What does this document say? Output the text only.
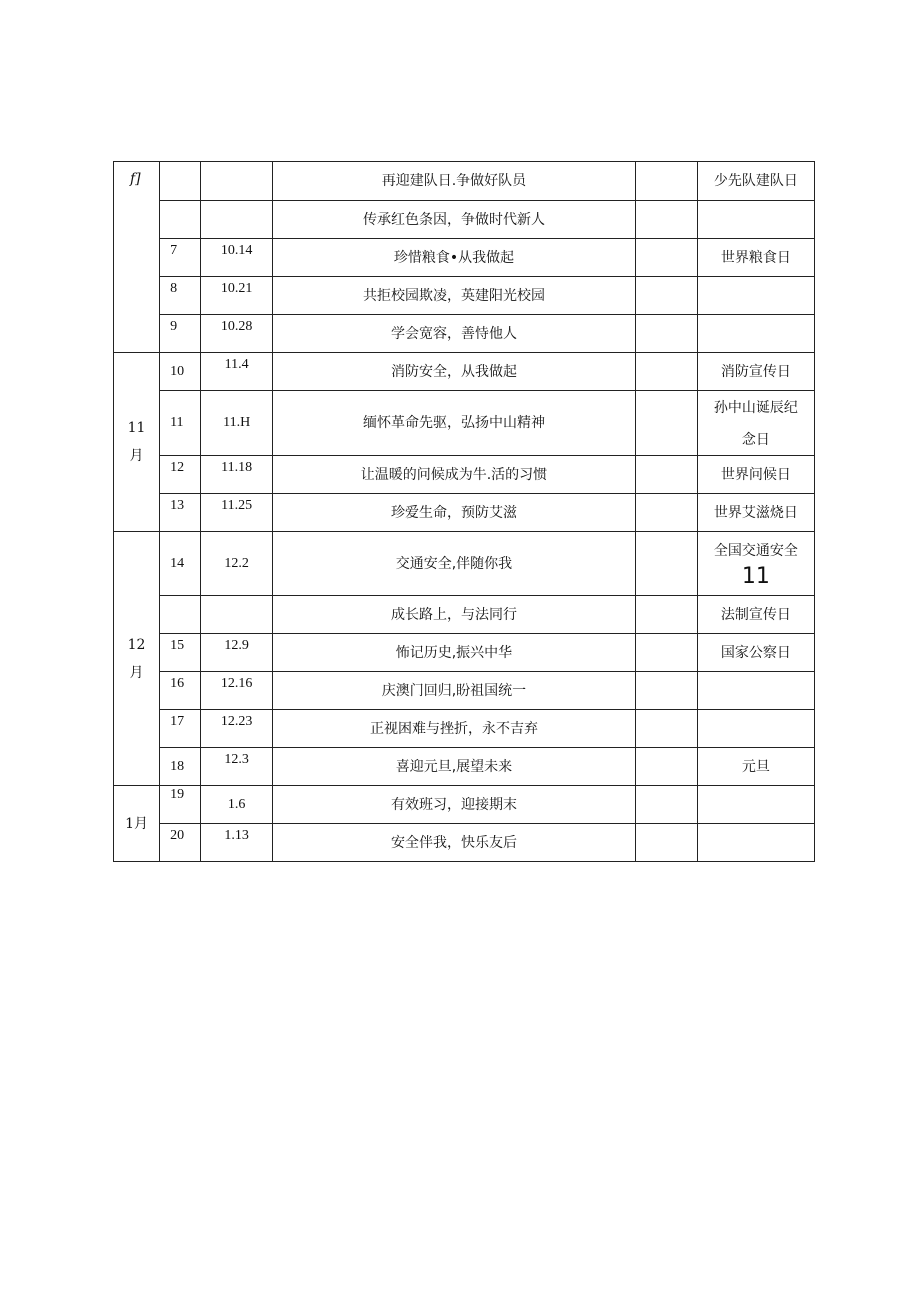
f]			再迎建队日.争做好队员		少先队建队日
			传承红色条因，争做时代新人		
	7	10.14	珍惜粮食•从我做起		世界粮食日
	8	10.21	共拒校园欺凌，英建阳光校园		
	9	10.28	学会宽容，善恃他人		

11
月	10	11.4	消防安全，从我做起		消防宣传日
	11	11.H	缅怀革命先驱，弘扬中山精神		孙中山诞辰纪
念日

	12	11.18	让温暖的问候成为牛.活的习惯		世界问候日
	13	11.25	珍爱生命，预防艾滋		世界艾滋烧日

12
月	14	12.2	交通安全,伴随你我		全国交通安全
11

			成长路上，与法同行		法制宣传日
	15	12.9	怖记历史,振兴中华		国家公察日
	16	12.16	庆澳门回归,盼祖国统一		
	17	12.23	正视困难与挫折，永不吉弃		
	18	12.3	喜迎元旦,展望未来		元旦
1月	19	1.6	有效班习，迎接期末		
	20	1.13	安全伴我，快乐友后		
